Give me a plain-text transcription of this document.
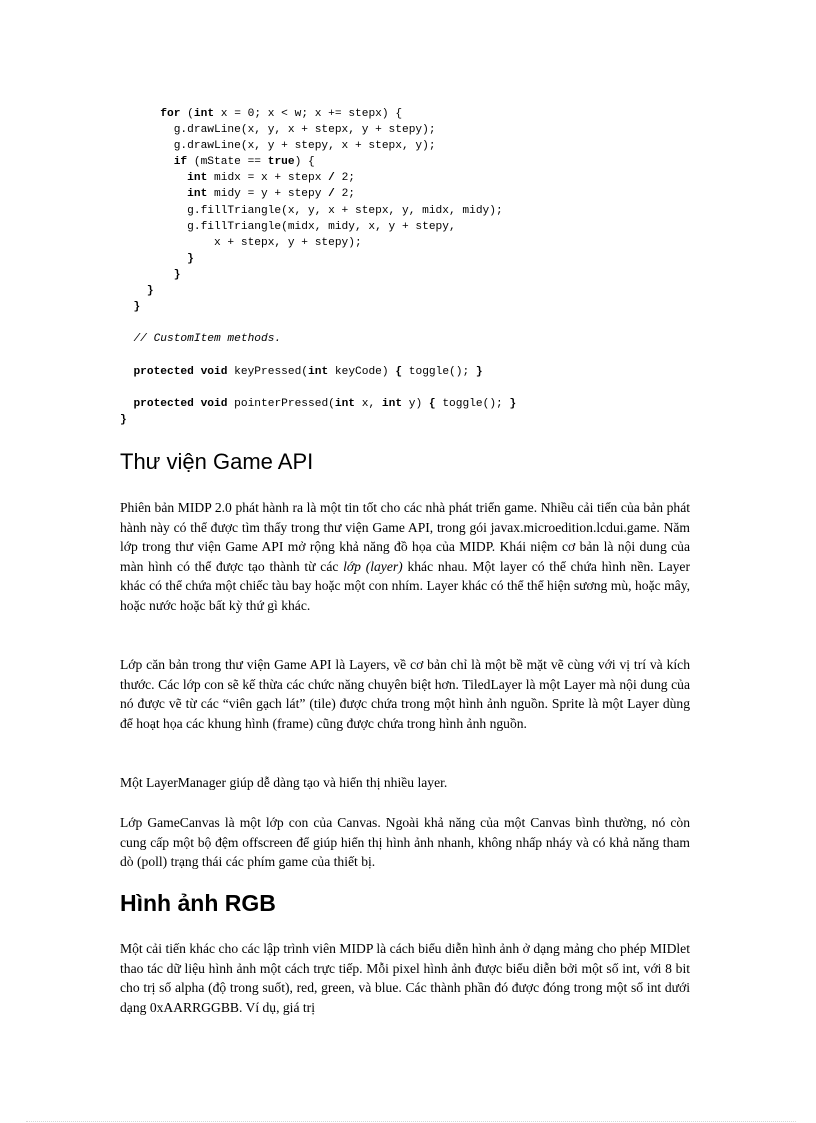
for (int x = 0; x < w; x += stepx) {
g.drawLine(x, y, x + stepx, y + stepy);
g.drawLine(x, y + stepy, x + stepx, y);
if (mState == true) {
int midx = x + stepx / 2;
int midy = y + stepy / 2;
g.fillTriangle(x, y, x + stepx, y, midx, midy);
g.fillTriangle(midx, midy, x, y + stepy,
x + stepx, y + stepy);
}
}
}
}
// CustomItem methods.
protected void keyPressed(int keyCode) { toggle(); }
protected void pointerPressed(int x, int y) { toggle(); }
}
Thư viện Game API

Phiên bản MIDP 2.0 phát hành ra là một tin tốt cho các nhà phát triển game. Nhiều cải tiến của bản phát hành này có thể được tìm thấy trong thư viện Game API, trong gói javax.microedition.lcdui.game. Năm lớp trong thư viện Game API mở rộng khả năng đồ họa của MIDP. Khái niệm cơ bản là nội dung của màn hình có thể được tạo thành từ các lớp (layer) khác nhau. Một layer có thể chứa hình nền. Layer khác có thể chứa một chiếc tàu bay hoặc một con nhím. Layer khác có thể thể hiện sương mù, hoặc mây, hoặc nước hoặc bất kỳ thứ gì khác.

Lớp căn bản trong thư viện Game API là Layers, về cơ bản chỉ là một bề mặt vẽ cùng với vị trí và kích thước. Các lớp con sẽ kế thừa các chức năng chuyên biệt hơn. TiledLayer là một Layer mà nội dung của nó được vẽ từ các “viên gạch lát” (tile) được chứa trong một hình ảnh nguồn. Sprite là một Layer dùng để hoạt họa các khung hình (frame) cũng được chứa trong hình ảnh nguồn.

Một LayerManager giúp dễ dàng tạo và hiển thị nhiều layer.

Lớp GameCanvas là một lớp con của Canvas. Ngoài khả năng của một Canvas bình thường, nó còn cung cấp một bộ đệm offscreen để giúp hiển thị hình ảnh nhanh, không nhấp nháy và có khả năng tham dò (poll) trạng thái các phím game của thiết bị.

Hình ảnh RGB

Một cải tiến khác cho các lập trình viên MIDP là cách biểu diễn hình ảnh ở dạng mảng cho phép MIDlet thao tác dữ liệu hình ảnh một cách trực tiếp. Mỗi pixel hình ảnh được biểu diễn bởi một số int, với 8 bit cho trị số alpha (độ trong suốt), red, green, và blue. Các thành phần đó được đóng trong một số int dưới dạng 0xAARRGGBB. Ví dụ, giá trị
